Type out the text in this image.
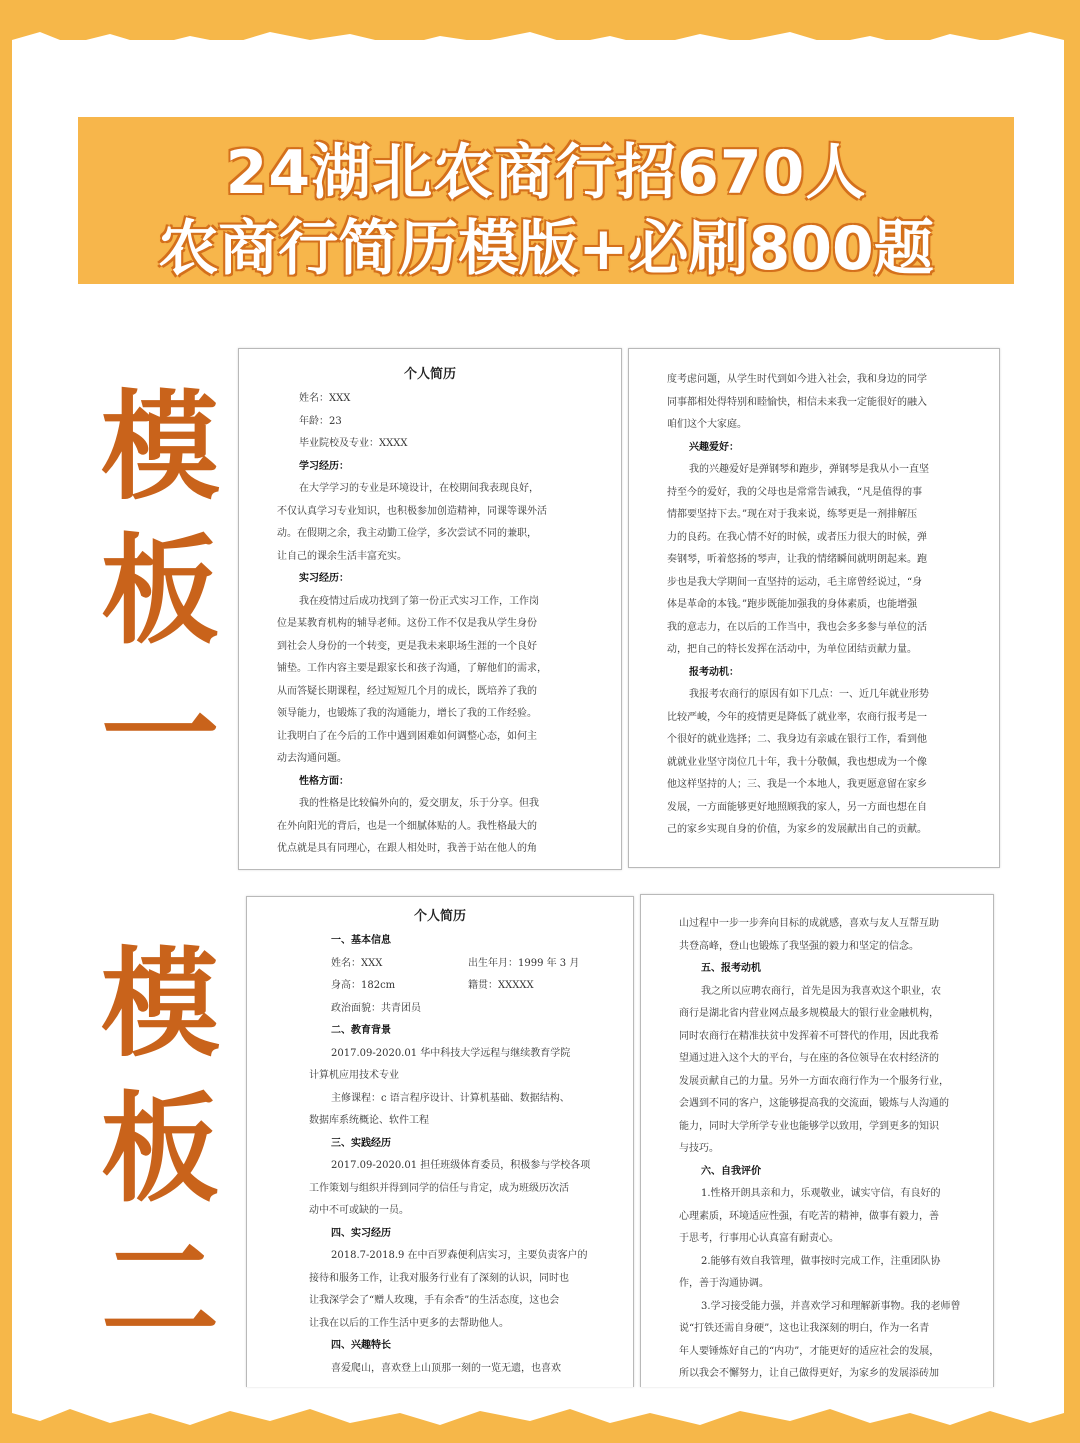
24湖北农商行招670人
农商行简历模版+必刷800题
模
板
一
模
板
二
个人简历
姓名：XXX
年龄：23
毕业院校及专业：XXXX
学习经历：
在大学学习的专业是环境设计，在校期间我表现良好，
不仅认真学习专业知识，也积极参加创造精神，同课等课外活
动。在假期之余，我主动勤工俭学，多次尝试不同的兼职，
让自己的课余生活丰富充实。
实习经历：
我在疫情过后成功找到了第一份正式实习工作，工作岗
位是某教育机构的辅导老师。这份工作不仅是我从学生身份
到社会人身份的一个转变，更是我未来职场生涯的一个良好
铺垫。工作内容主要是跟家长和孩子沟通，了解他们的需求，
从而答疑长期课程，经过短短几个月的成长，既培养了我的
领导能力，也锻炼了我的沟通能力，增长了我的工作经验。
让我明白了在今后的工作中遇到困难如何调整心态，如何主
动去沟通问题。
性格方面：
我的性格是比较偏外向的，爱交朋友，乐于分享。但我
在外向阳光的背后，也是一个细腻体贴的人。我性格最大的
优点就是具有同理心，在跟人相处时，我善于站在他人的角
度考虑问题，从学生时代到如今进入社会，我和身边的同学
同事都相处得特别和睦愉快，相信未来我一定能很好的融入
咱们这个大家庭。
兴趣爱好：
我的兴趣爱好是弹钢琴和跑步，弹钢琴是我从小一直坚
持至今的爱好，我的父母也是常常告诫我，“凡是值得的事
情都要坚持下去。”现在对于我来说，练琴更是一剂排解压
力的良药。在我心情不好的时候，或者压力很大的时候，弹
奏钢琴，听着悠扬的琴声，让我的情绪瞬间就明朗起来。跑
步也是我大学期间一直坚持的运动，毛主席曾经说过，“身
体是革命的本钱。”跑步既能加强我的身体素质，也能增强
我的意志力，在以后的工作当中，我也会多多参与单位的活
动，把自己的特长发挥在活动中，为单位团结贡献力量。
报考动机：
我报考农商行的原因有如下几点：一、近几年就业形势
比较严峻，今年的疫情更是降低了就业率，农商行报考是一
个很好的就业选择；二、我身边有亲戚在银行工作，看到他
就就业业坚守岗位几十年，我十分敬佩，我也想成为一个像
他这样坚持的人；三、我是一个本地人，我更愿意留在家乡
发展，一方面能够更好地照顾我的家人，另一方面也想在自
己的家乡实现自身的价值，为家乡的发展献出自己的贡献。
个人简历
一、基本信息
姓名：XXX	出生年月：1999 年 3 月
身高：182cm	籍贯：XXXXX
政治面貌：共青团员
二、教育背景
2017.09-2020.01 华中科技大学远程与继续教育学院
计算机应用技术专业
主修课程：c 语言程序设计、计算机基础、数据结构、
数据库系统概论、软件工程
三、实践经历
2017.09-2020.01 担任班级体育委员，积极参与学校各项
工作策划与组织并得到同学的信任与肯定，成为班级历次活
动中不可或缺的一员。
四、实习经历
2018.7-2018.9 在中百罗森便利店实习，主要负责客户的
接待和服务工作，让我对服务行业有了深刻的认识，同时也
让我深学会了“赠人玫瑰，手有余香”的生活态度，这也会
让我在以后的工作生活中更多的去帮助他人。
四、兴趣特长
喜爱爬山，喜欢登上山顶那一刻的一览无遗，也喜欢
山过程中一步一步奔向目标的成就感，喜欢与友人互帮互助
共登高峰，登山也锻炼了我坚强的毅力和坚定的信念。
五、报考动机
我之所以应聘农商行，首先是因为我喜欢这个职业，农
商行是湖北省内营业网点最多规模最大的银行业金融机构，
同时农商行在精准扶贫中发挥着不可替代的作用，因此我希
望通过进入这个大的平台，与在座的各位领导在农村经济的
发展贡献自己的力量。另外一方面农商行作为一个服务行业，
会遇到不同的客户，这能够提高我的交流面，锻炼与人沟通的
能力，同时大学所学专业也能够学以致用，学到更多的知识
与技巧。
六、自我评价
1.性格开朗具亲和力，乐观敬业，诚实守信，有良好的
心理素质，环境适应性强，有吃苦的精神，做事有毅力，善
于思考，行事用心认真富有耐责心。
2.能够有效自我管理，做事按时完成工作，注重团队协
作，善于沟通协调。
3.学习接受能力强，并喜欢学习和理解新事物。我的老师曾
说“打铁还需自身硬”，这也让我深刻的明白，作为一名青
年人要锤炼好自己的“内功”，才能更好的适应社会的发展，
所以我会不懈努力，让自己做得更好，为家乡的发展添砖加
